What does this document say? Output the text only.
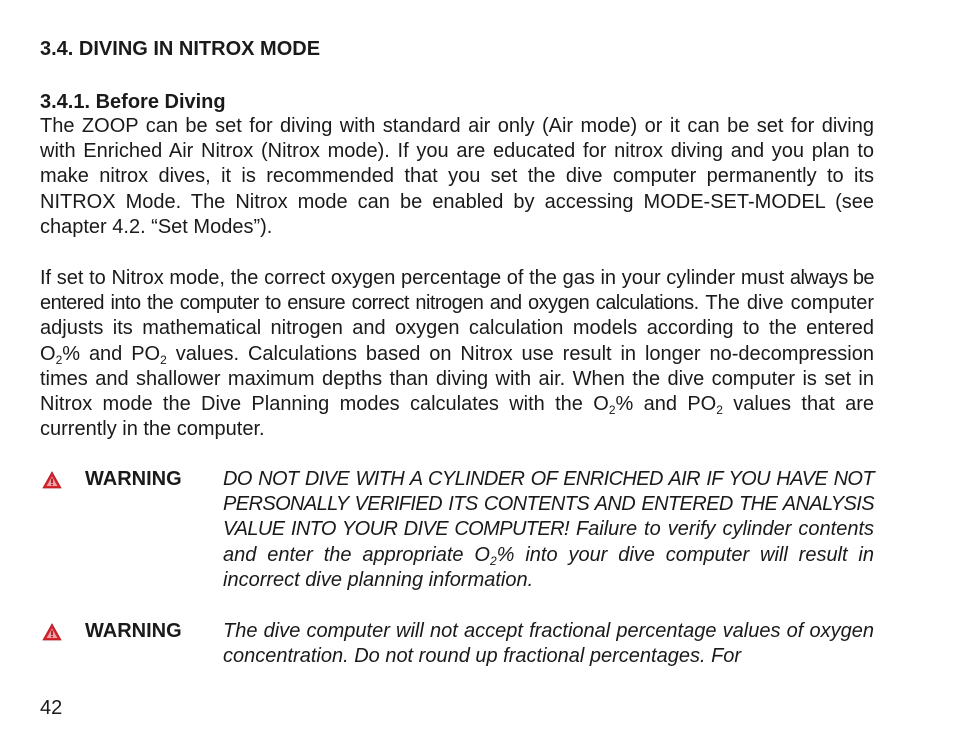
3.4. DIVING IN NITROX MODE
3.4.1. Before Diving

The ZOOP can be set for diving with standard air only (Air mode) or it can be set for diving with Enriched Air Nitrox (Nitrox mode). If you are educated for nitrox diving and you plan to make nitrox dives, it is recommended that you set the dive computer permanently to its NITROX Mode. The Nitrox mode can be enabled by accessing MODE-SET-MODEL (see chapter 4.2. “Set Modes”).

If set to Nitrox mode, the correct oxygen percentage of the gas in your cylinder must always be entered into the computer to ensure correct nitrogen and oxygen calculations. The dive computer adjusts its mathematical nitrogen and oxygen calculation models according to the entered $O_2\%$ and $PO_2$ values. Calculations based on Nitrox use result in longer no-decompression times and shallower maximum depths than diving with air. When the dive computer is set in Nitrox mode the Dive Planning modes calculates with the $O_2\%$ and $PO_2$ values that are currently in the computer.

WARNING DO NOT DIVE WITH A CYLINDER OF ENRICHED AIR IF YOU HAVE NOT PERSONALLY VERIFIED ITS CONTENTS AND ENTERED THE ANALYSIS VALUE INTO YOUR DIVE COMPUTER! Failure to verify cylinder contents and enter the appropriate $O_2\%$ into your dive computer will result in incorrect dive planning information.

WARNING The dive computer will not accept fractional percentage values of oxygen concentration. Do not round up fractional percentages. For

42
